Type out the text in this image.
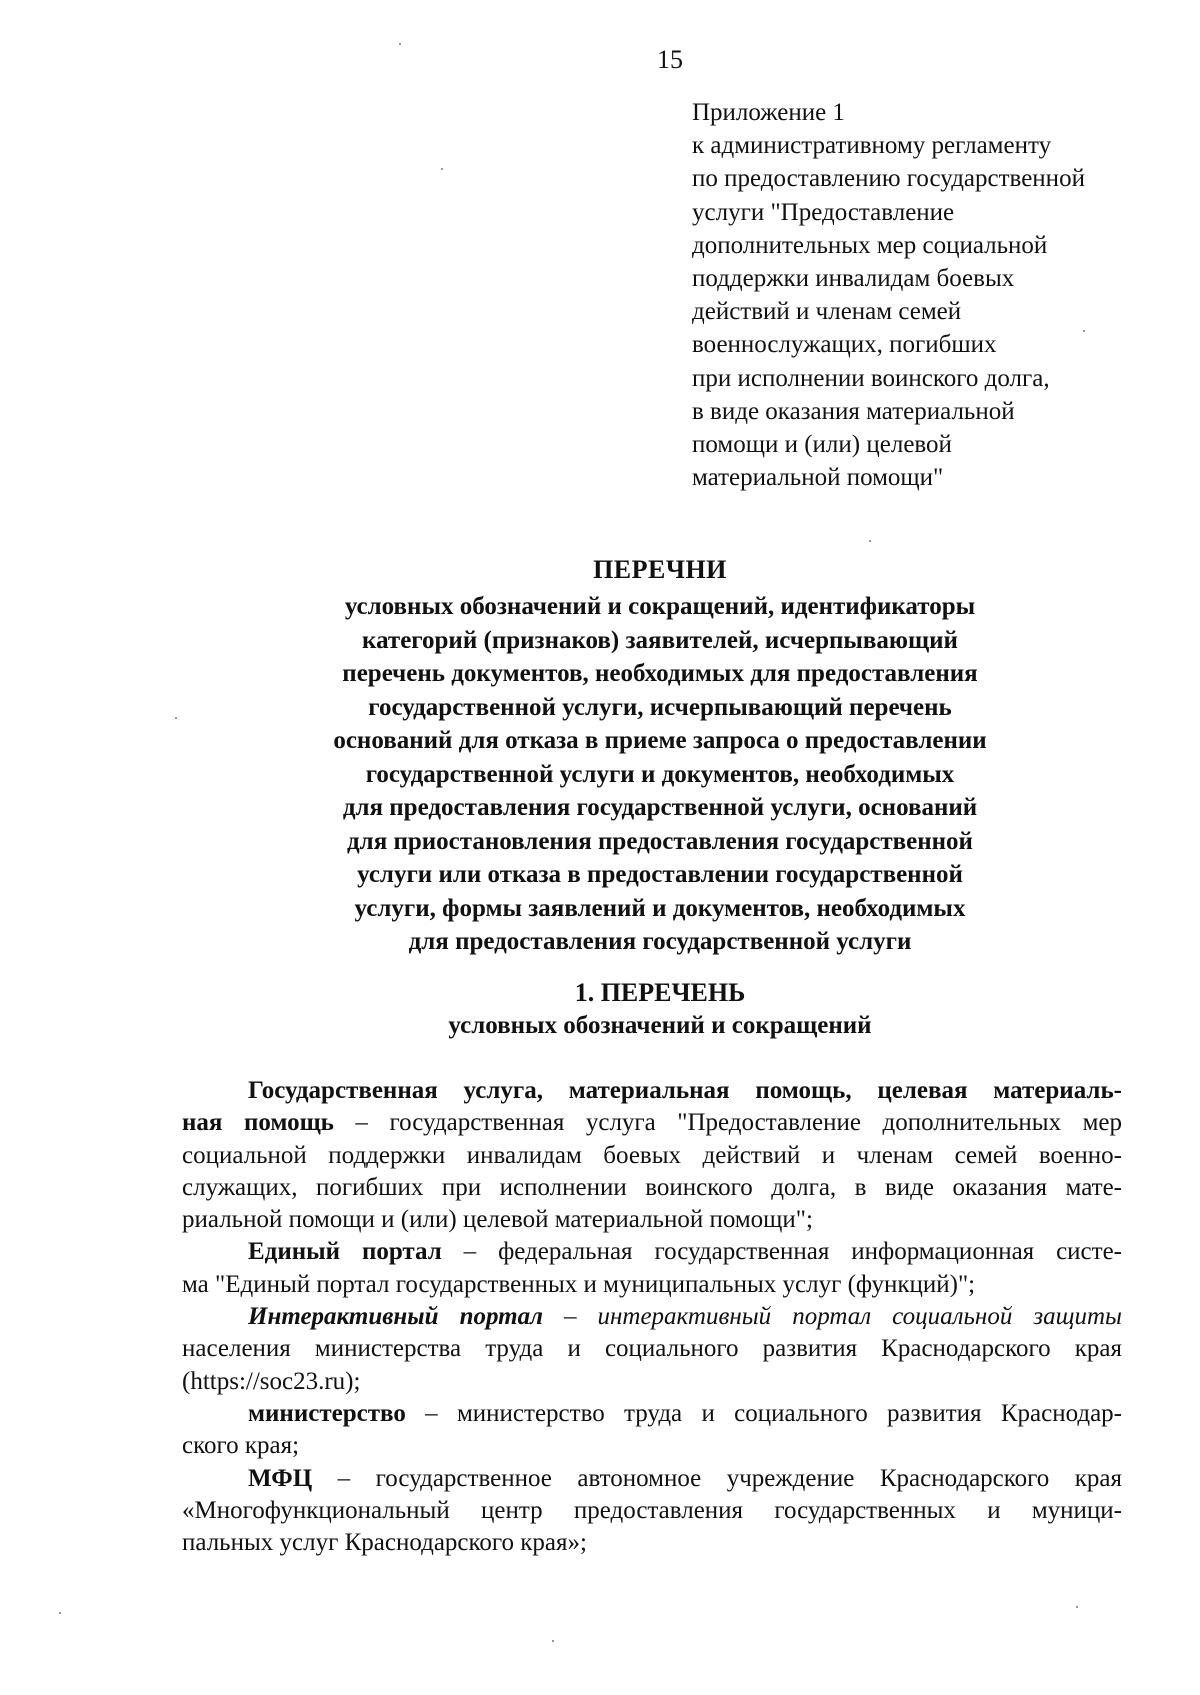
15
Приложение 1
к административному регламенту
по предоставлению государственной
услуги "Предоставление
дополнительных мер социальной
поддержки инвалидам боевых
действий и членам семей
военнослужащих, погибших
при исполнении воинского долга,
в виде оказания материальной
помощи и (или) целевой
материальной помощи"
ПЕРЕЧНИ
условных обозначений и сокращений, идентификаторы
категорий (признаков) заявителей, исчерпывающий
перечень документов, необходимых для предоставления
государственной услуги, исчерпывающий перечень
оснований для отказа в приеме запроса о предоставлении
государственной услуги и документов, необходимых
для предоставления государственной услуги, оснований
для приостановления предоставления государственной
услуги или отказа в предоставлении государственной
услуги, формы заявлений и документов, необходимых
для предоставления государственной услуги
1. ПЕРЕЧЕНЬ
условных обозначений и сокращений
Государственная услуга, материальная помощь, целевая материаль-
ная помощь – государственная услуга "Предоставление дополнительных мер
социальной поддержки инвалидам боевых действий и членам семей военно-
служащих, погибших при исполнении воинского долга, в виде оказания мате-
риальной помощи и (или) целевой материальной помощи";
Единый портал – федеральная государственная информационная систе-
ма "Единый портал государственных и муниципальных услуг (функций)";
Интерактивный портал – интерактивный портал социальной защиты
населения министерства труда и социального развития Краснодарского края
(https://soc23.ru);
министерство – министерство труда и социального развития Краснодар-
ского края;
МФЦ – государственное автономное учреждение Краснодарского края
«Многофункциональный центр предоставления государственных и муници-
пальных услуг Краснодарского края»;
